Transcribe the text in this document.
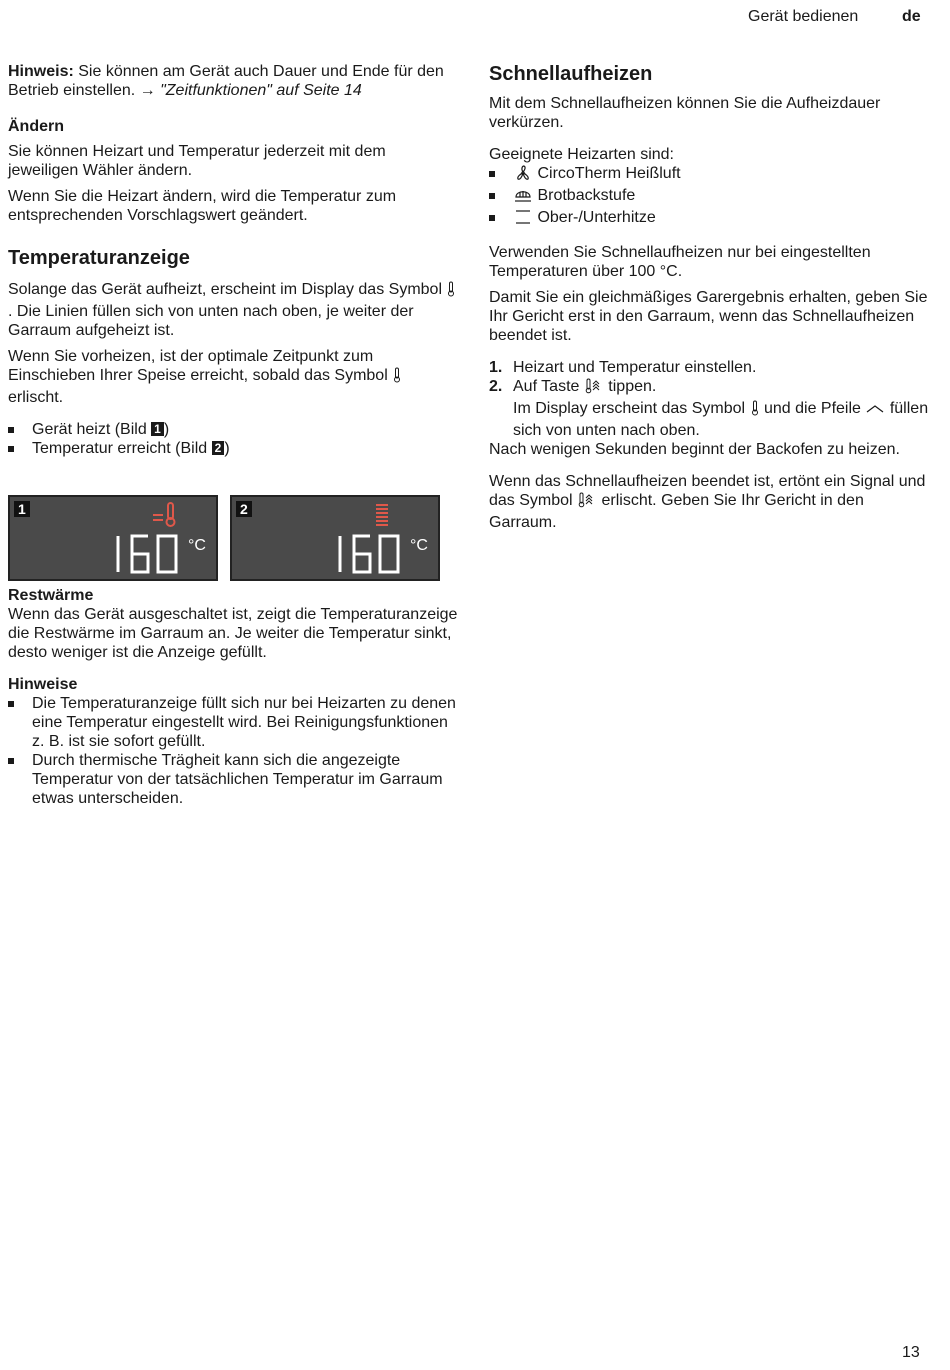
Gerät bedienen	de

Hinweis: Sie können am Gerät auch Dauer und Ende für den Betrieb einstellen. → "Zeitfunktionen" auf Seite 14

Ändern

Sie können Heizart und Temperatur jederzeit mit dem jeweiligen Wähler ändern.

Wenn Sie die Heizart ändern, wird die Temperatur zum entsprechenden Vorschlagswert geändert.

Temperaturanzeige

Solange das Gerät aufheizt, erscheint im Display das Symbol . Die Linien füllen sich von unten nach oben, je weiter der Garraum aufgeheizt ist.

Wenn Sie vorheizen, ist der optimale Zeitpunkt zum Einschieben Ihrer Speise erreicht, sobald das Symbol  erlischt.

Gerät heizt (Bild 1 )
Temperatur erreicht (Bild 2 )
1
°C
2
°C
Restwärme

Wenn das Gerät ausgeschaltet ist, zeigt die Temperaturanzeige die Restwärme im Garraum an. Je weiter die Temperatur sinkt, desto weniger ist die Anzeige gefüllt.

Hinweise
Die Temperaturanzeige füllt sich nur bei Heizarten zu denen eine Temperatur eingestellt wird. Bei Reinigungsfunktionen z. B. ist sie sofort gefüllt.
Durch thermische Trägheit kann sich die angezeigte Temperatur von der tatsächlichen Temperatur im Garraum etwas unterscheiden.
Schnellaufheizen

Mit dem Schnellaufheizen können Sie die Aufheizdauer verkürzen.

Geeignete Heizarten sind:

CircoTherm Heißluft
Brotbackstufe
Ober-/Unterhitze

Verwenden Sie Schnellaufheizen nur bei eingestellten Temperaturen über 100 °C.

Damit Sie ein gleichmäßiges Garergebnis erhalten, geben Sie Ihr Gericht erst in den Garraum, wenn das Schnellaufheizen beendet ist.

1. Heizart und Temperatur einstellen.
2. Auf Taste  tippen.
Im Display erscheint das Symbol  und die Pfeile  füllen sich von unten nach oben.

Nach wenigen Sekunden beginnt der Backofen zu heizen.

Wenn das Schnellaufheizen beendet ist, ertönt ein Signal und das Symbol  erlischt. Geben Sie Ihr Gericht in den Garraum.

13
